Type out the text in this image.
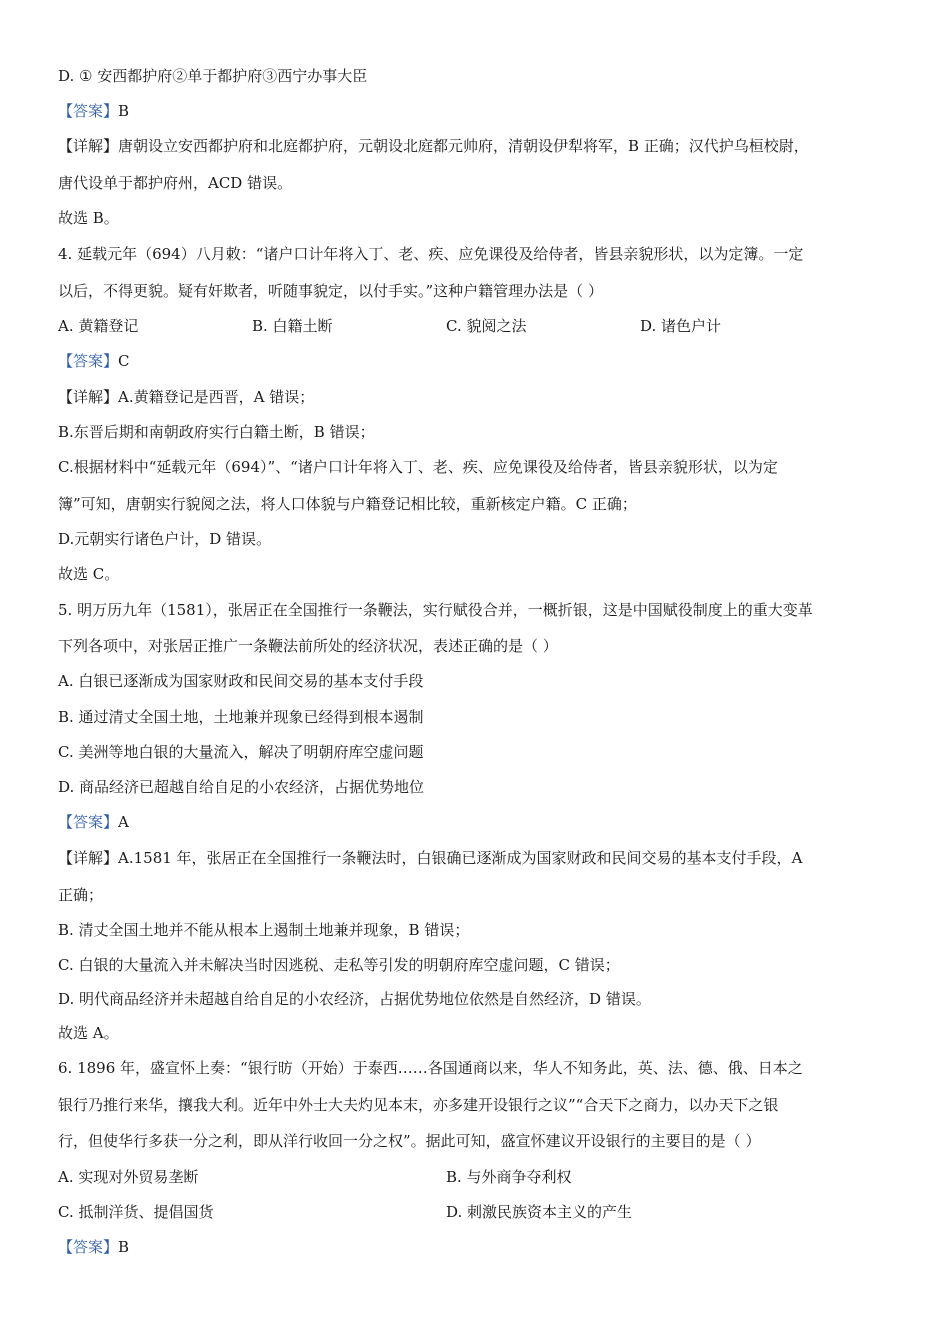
D. ① 安西都护府②单于都护府③西宁办事大臣
【答案】B
【详解】唐朝设立安西都护府和北庭都护府，元朝设北庭都元帅府，清朝设伊犁将军，B 正确；汉代护乌桓校尉，
唐代设单于都护府州，ACD 错误。
故选 B。
4. 延载元年（694）八月敕：“诸户口计年将入丁、老、疾、应免课役及给侍者，皆县亲貌形状，以为定簿。一定
以后，不得更貌。疑有奸欺者，听随事貌定，以付手实。”这种户籍管理办法是（ ）
A. 黄籍登记	B. 白籍土断	C. 貌阅之法	D. 诸色户计
【答案】C
【详解】A.黄籍登记是西晋，A 错误；
B.东晋后期和南朝政府实行白籍土断，B 错误；
C.根据材料中“延载元年（694）”、“诸户口计年将入丁、老、疾、应免课役及给侍者，皆县亲貌形状，以为定
簿”可知，唐朝实行貌阅之法，将人口体貌与户籍登记相比较，重新核定户籍。C 正确；
D.元朝实行诸色户计，D 错误。
故选 C。
5. 明万历九年（1581），张居正在全国推行一条鞭法，实行赋役合并，一概折银，这是中国赋役制度上的重大变革
下列各项中，对张居正推广一条鞭法前所处的经济状况，表述正确的是（ ）
A. 白银已逐渐成为国家财政和民间交易的基本支付手段
B. 通过清丈全国土地，土地兼并现象已经得到根本遏制
C. 美洲等地白银的大量流入，解决了明朝府库空虚问题
D. 商品经济已超越自给自足的小农经济，占据优势地位
【答案】A
【详解】A.1581 年，张居正在全国推行一条鞭法时，白银确已逐渐成为国家财政和民间交易的基本支付手段，A
正确；
B. 清丈全国土地并不能从根本上遏制土地兼并现象，B 错误；
C. 白银的大量流入并未解决当时因逃税、走私等引发的明朝府库空虚问题，C 错误；
D. 明代商品经济并未超越自给自足的小农经济，占据优势地位依然是自然经济，D 错误。
故选 A。
6. 1896 年，盛宣怀上奏：“银行昉（开始）于泰西……各国通商以来，华人不知务此，英、法、德、俄、日本之
银行乃推行来华，攘我大利。近年中外士大夫灼见本末，亦多建开设银行之议”“合天下之商力，以办天下之银
行，但使华行多获一分之利，即从洋行收回一分之权”。据此可知，盛宣怀建议开设银行的主要目的是（ ）
A. 实现对外贸易垄断	B. 与外商争夺利权
C. 抵制洋货、提倡国货	D. 刺激民族资本主义的产生
【答案】B
